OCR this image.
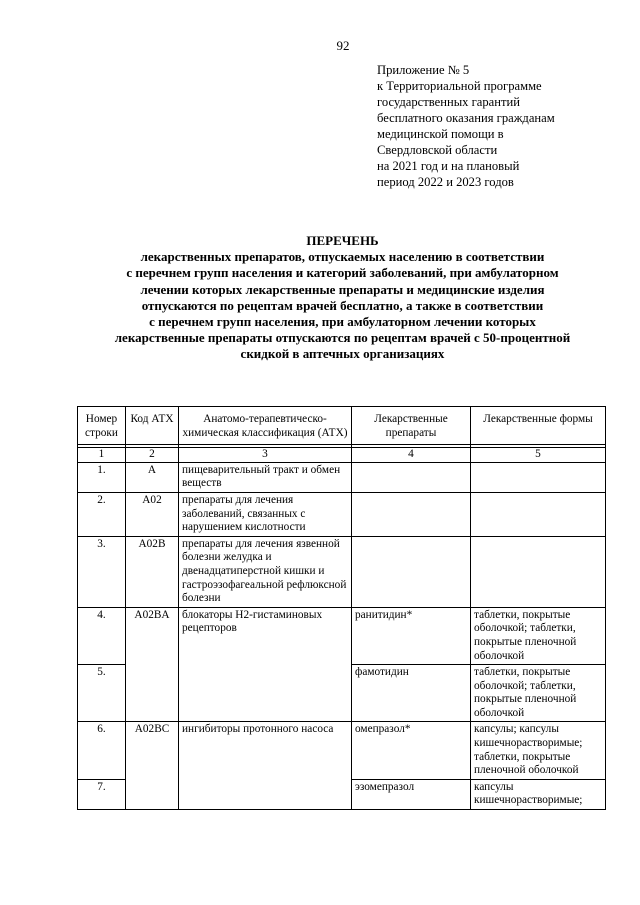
92
Приложение № 5
к Территориальной программе
государственных гарантий
бесплатного оказания гражданам
медицинской помощи в
Свердловской области
на 2021 год и на плановый
период 2022 и 2023 годов
ПЕРЕЧЕНЬ
лекарственных препаратов, отпускаемых населению в соответствии
с перечнем групп населения и категорий заболеваний, при амбулаторном
лечении которых лекарственные препараты и медицинские изделия
отпускаются по рецептам врачей бесплатно, а также в соответствии
с перечнем групп населения, при амбулаторном лечении которых
лекарственные препараты отпускаются по рецептам врачей с 50-процентной
скидкой в аптечных организациях
Номер строки	Код АТХ	Анатомо-терапевтическо-химическая классификация (АТХ)	Лекарственные препараты	Лекарственные формы

1	2	3	4	5
1.	A	пищеварительный тракт и обмен веществ		
2.	A02	препараты для лечения заболеваний, связанных с нарушением кислотности		
3.	A02B	препараты для лечения язвенной болезни желудка и двенадцатиперстной кишки и гастроэзофагеальной рефлюксной болезни		
4.	A02BA	блокаторы H2-гистаминовых рецепторов	ранитидин*	таблетки, покрытые оболочкой; таблетки, покрытые пленочной оболочкой
5.			фамотидин	таблетки, покрытые оболочкой; таблетки, покрытые пленочной оболочкой
6.	A02BC	ингибиторы протонного насоса	омепразол*	капсулы; капсулы кишечнорастворимые; таблетки, покрытые пленочной оболочкой
7.			эзомепразол	капсулы кишечнорастворимые;
